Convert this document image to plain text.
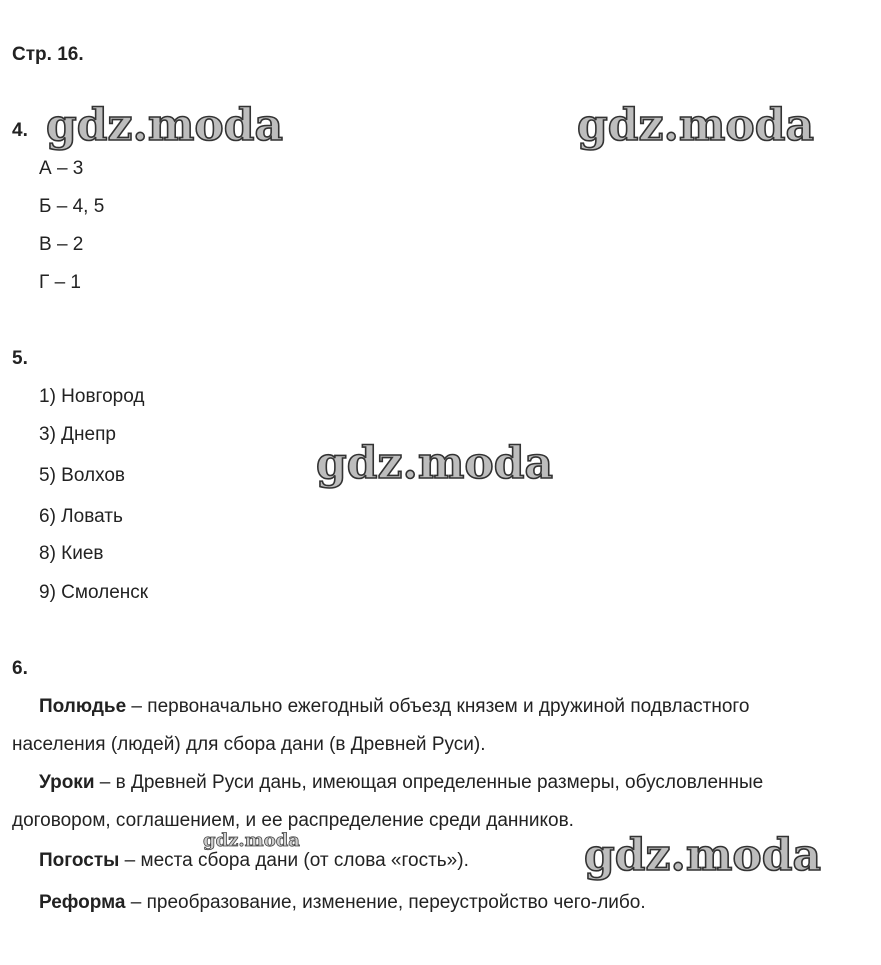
Стр. 16.
4.
А – 3
Б – 4, 5
В – 2
Г – 1
5.
1) Новгород
3) Днепр
5) Волхов
6) Ловать
8) Киев
9) Смоленск
6.
Полюдье – первоначально ежегодный объезд князем и дружиной подвластного
населения (людей) для сбора дани (в Древней Руси).
Уроки – в Древней Руси дань, имеющая определенные размеры, обусловленные
договором, соглашением, и ее распределение среди данников.
Погосты – места сбора дани (от слова «гость»).
Реформа – преобразование, изменение, переустройство чего-либо.
gdz.moda	gdz.moda
gdz.moda
gdz.moda
gdz.moda
